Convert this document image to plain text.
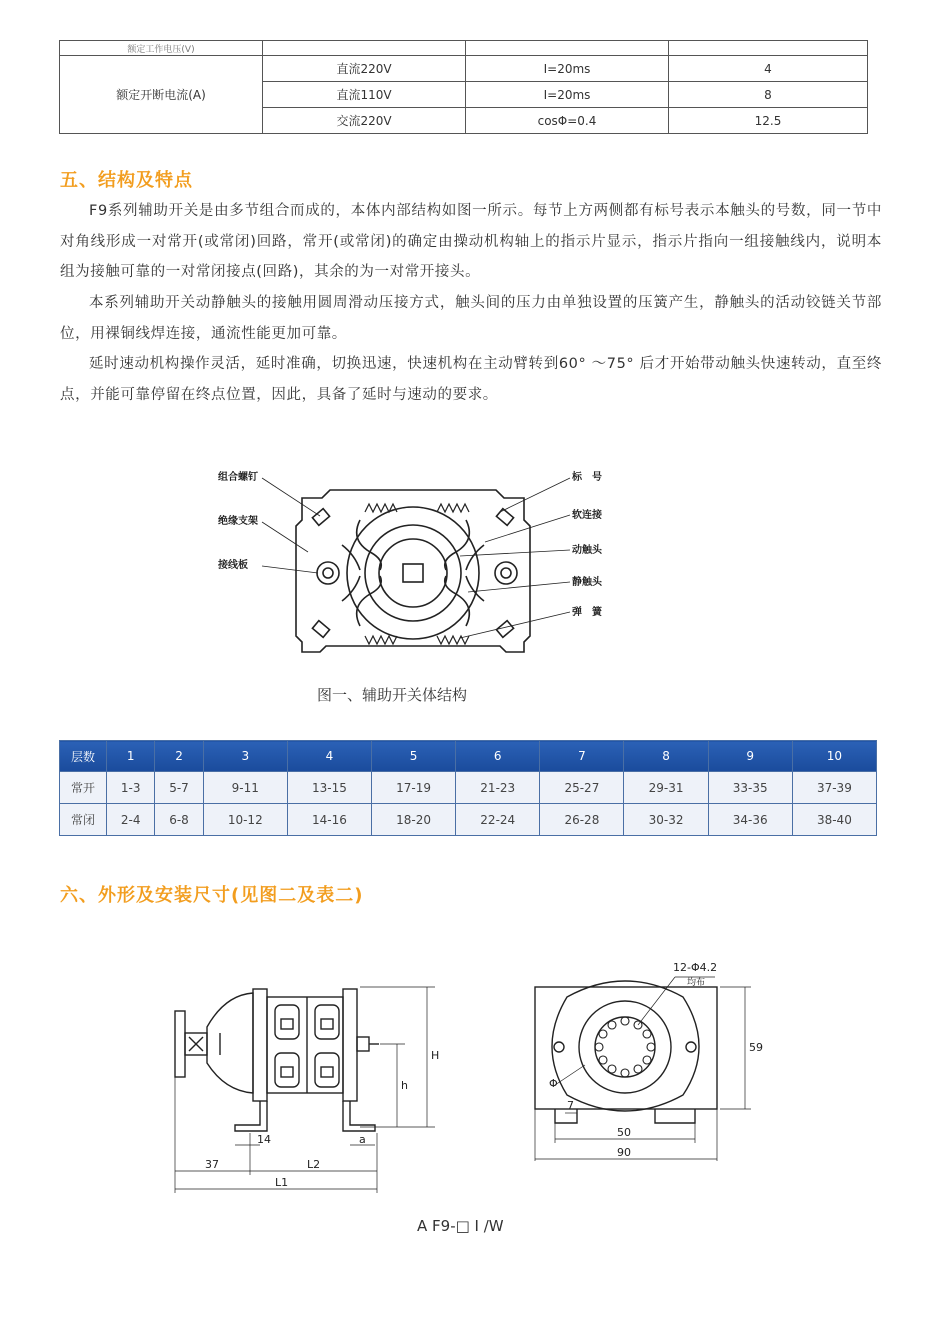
额定工作电压(V)			
额定开断电流(A)	直流220V	I=20ms	4
	直流110V	I=20ms	8
	交流220V	cosΦ=0.4	12.5
五、结构及特点

F9系列辅助开关是由多节组合而成的，本体内部结构如图一所示。每节上方两侧都有标号表示本触头的号数，同一节中对角线形成一对常开(或常闭)回路，常开(或常闭)的确定由操动机构轴上的指示片显示，指示片指向一组接触线内，说明本组为接触可靠的一对常闭接点(回路)，其余的为一对常开接头。

本系列辅助开关动静触头的接触用圆周滑动压接方式，触头间的压力由单独设置的压簧产生，静触头的活动铰链关节部位，用裸铜线焊连接，通流性能更加可靠。

延时速动机构操作灵活，延时准确，切换迅速，快速机构在主动臂转到60° ～75° 后才开始带动触头快速转动，直至终点，并能可靠停留在终点位置，因此，具备了延时与速动的要求。

组合螺钉
绝缘支架
接线板
标　号
软连接
动触头
静触头
弹　簧
图一、辅助开关体结构
层数	1	2	3	4	5	6	7	8	9	10
常开	1-3	5-7	9-11	13-15	17-19	21-23	25-27	29-31	33-35	37-39
常闭	2-4	6-8	10-12	14-16	18-20	22-24	26-28	30-32	34-36	38-40
六、外形及安装尺寸(见图二及表二)
H
h
14	a
37	L2
L1
12-Φ4.2
均布
Φ
59
7
50
90
A F9-□ I /W
